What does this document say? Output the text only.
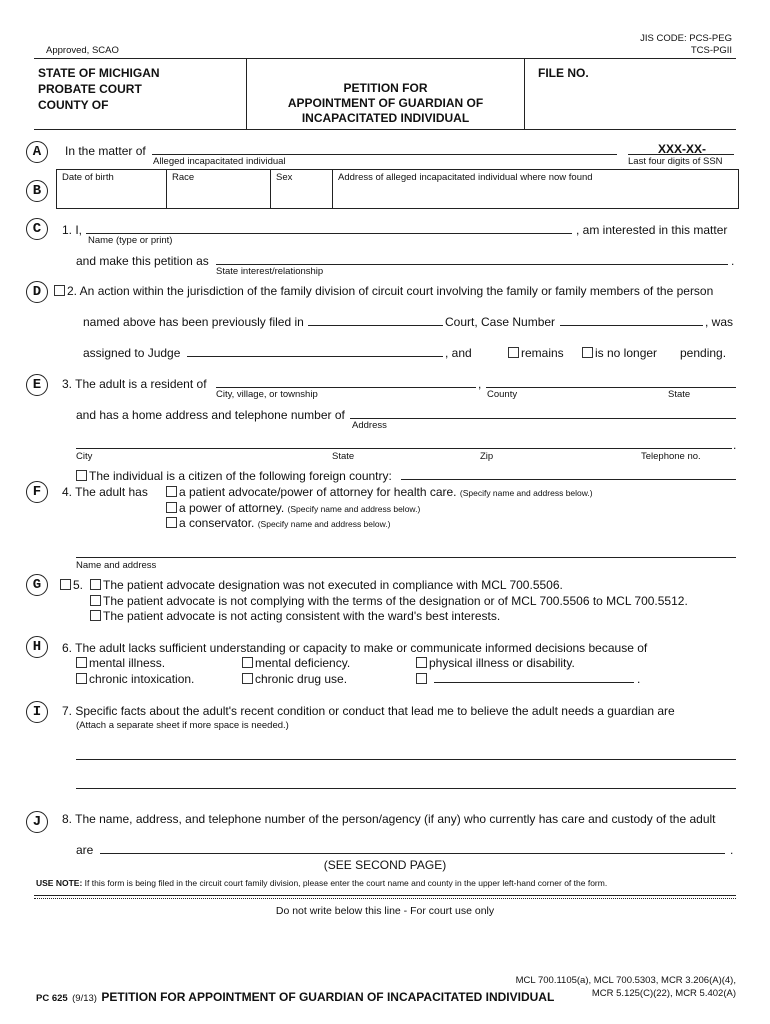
JIS CODE: PCS-PEG
TCS-PGII
Approved, SCAO
STATE OF MICHIGAN
PROBATE COURT
COUNTY OF
PETITION FOR
APPOINTMENT OF GUARDIAN OF
INCAPACITATED INDIVIDUAL
FILE NO.
A
B
C
D
E
F
G
H
I
J
In the matter of
Alleged incapacitated individual
XXX-XX-
Last four digits of SSN
Date of birth	Race	Sex	Address of alleged incapacitated individual where now found
1. I,	, am interested in this matter
Name (type or print)
and make this petition as	.
State interest/relationship
2. An action within the jurisdiction of the family division of circuit court involving the family or family members of the person
named above has been previously filed in	Court, Case Number	, was
assigned to Judge	, and	remains	is no longer pending.
3. The adult is a resident of	,
City, village, or township	County	State
and has a home address and telephone number of
Address
.
City	State	Zip	Telephone no.
The individual is a citizen of the following foreign country:
4. The adult has	a patient advocate/power of attorney for health care. (Specify name and address below.)
a power of attorney. (Specify name and address below.)
a conservator. (Specify name and address below.)
Name and address
5.	The patient advocate designation was not executed in compliance with MCL 700.5506.
The patient advocate is not complying with the terms of the designation or of MCL 700.5506 to MCL 700.5512.
The patient advocate is not acting consistent with the ward's best interests.
6. The adult lacks sufficient understanding or capacity to make or communicate informed decisions because of
mental illness.	mental deficiency.	physical illness or disability.
chronic intoxication.	chronic drug use.	.
7. Specific facts about the adult's recent condition or conduct that lead me to believe the adult needs a guardian are
(Attach a separate sheet if more space is needed.)
8. The name, address, and telephone number of the person/agency (if any) who currently has care and custody of the adult
are	.
(SEE SECOND PAGE)
USE NOTE: If this form is being filed in the circuit court family division, please enter the court name and county in the upper left-hand corner of the form.
Do not write below this line - For court use only
MCL 700.1105(a), MCL 700.5303, MCR 3.206(A)(4),
MCR 5.125(C)(22), MCR 5.402(A)
PC 625 (9/13) PETITION FOR APPOINTMENT OF GUARDIAN OF INCAPACITATED INDIVIDUAL
